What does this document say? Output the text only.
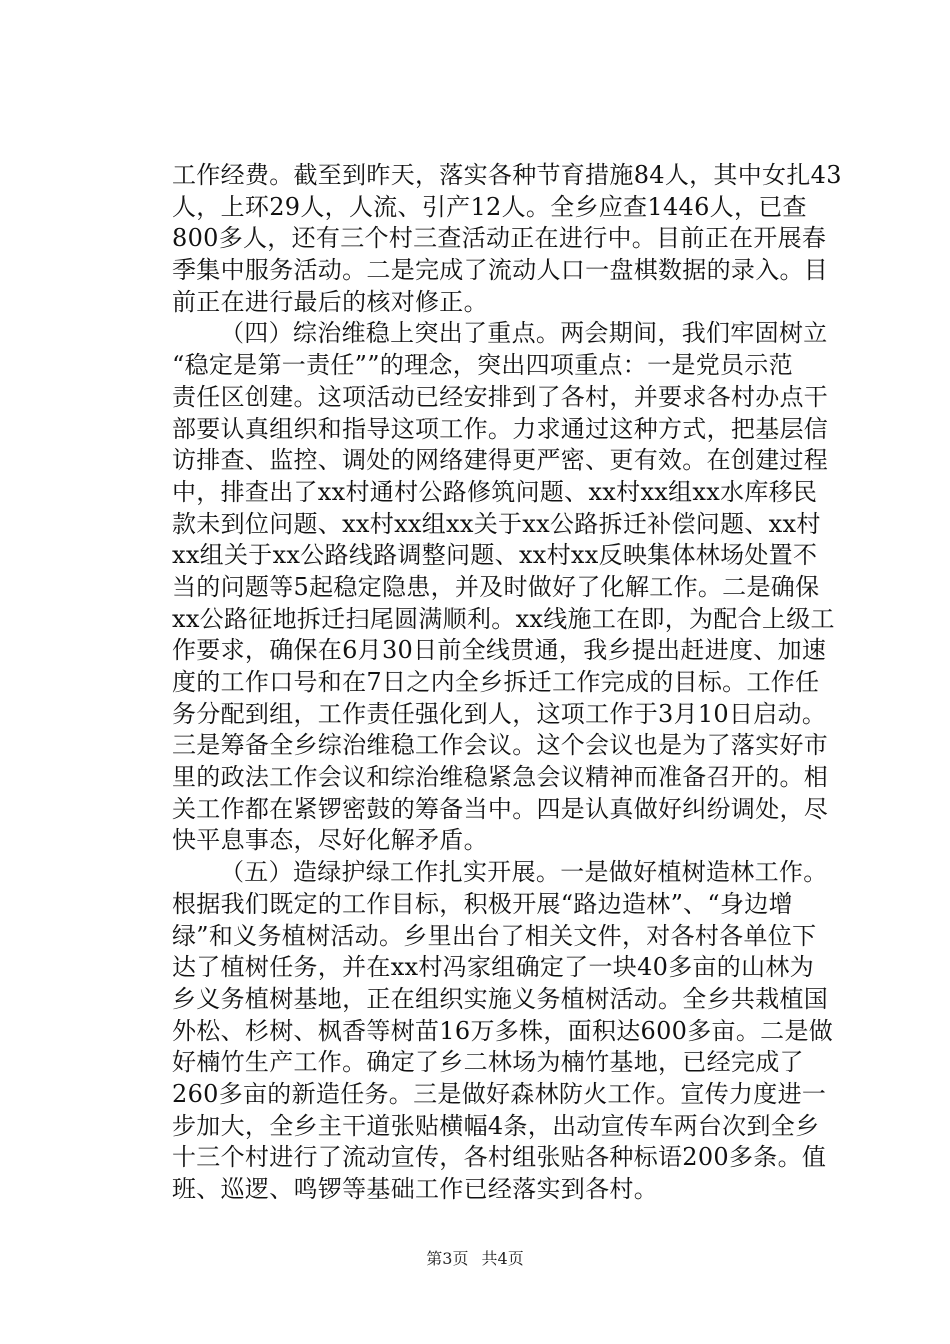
工作经费。截至到昨天，落实各种节育措施84人，其中女扎43
人，上环29人，人流、引产12人。全乡应查1446人，已查
800多人，还有三个村三查活动正在进行中。目前正在开展春
季集中服务活动。二是完成了流动人口一盘棋数据的录入。目
前正在进行最后的核对修正。
（四）综治维稳上突出了重点。两会期间，我们牢固树立
“稳定是第一责任””的理念，突出四项重点：一是党员示范
责任区创建。这项活动已经安排到了各村，并要求各村办点干
部要认真组织和指导这项工作。力求通过这种方式，把基层信
访排查、监控、调处的网络建得更严密、更有效。在创建过程
中，排查出了xx村通村公路修筑问题、xx村xx组xx水库移民
款未到位问题、xx村xx组xx关于xx公路拆迁补偿问题、xx村
xx组关于xx公路线路调整问题、xx村xx反映集体林场处置不
当的问题等5起稳定隐患，并及时做好了化解工作。二是确保
xx公路征地拆迁扫尾圆满顺利。xx线施工在即，为配合上级工
作要求，确保在6月30日前全线贯通，我乡提出赶进度、加速
度的工作口号和在7日之内全乡拆迁工作完成的目标。工作任
务分配到组，工作责任强化到人，这项工作于3月10日启动。
三是筹备全乡综治维稳工作会议。这个会议也是为了落实好市
里的政法工作会议和综治维稳紧急会议精神而准备召开的。相
关工作都在紧锣密鼓的筹备当中。四是认真做好纠纷调处，尽
快平息事态，尽好化解矛盾。
（五）造绿护绿工作扎实开展。一是做好植树造林工作。
根据我们既定的工作目标，积极开展“路边造林”、“身边增
绿”和义务植树活动。乡里出台了相关文件，对各村各单位下
达了植树任务，并在xx村冯家组确定了一块40多亩的山林为
乡义务植树基地，正在组织实施义务植树活动。全乡共栽植国
外松、杉树、枫香等树苗16万多株，面积达600多亩。二是做
好楠竹生产工作。确定了乡二林场为楠竹基地，已经完成了
260多亩的新造任务。三是做好森林防火工作。宣传力度进一
步加大，全乡主干道张贴横幅4条，出动宣传车两台次到全乡
十三个村进行了流动宣传，各村组张贴各种标语200多条。值
班、巡逻、鸣锣等基础工作已经落实到各村。
第3页 共4页
